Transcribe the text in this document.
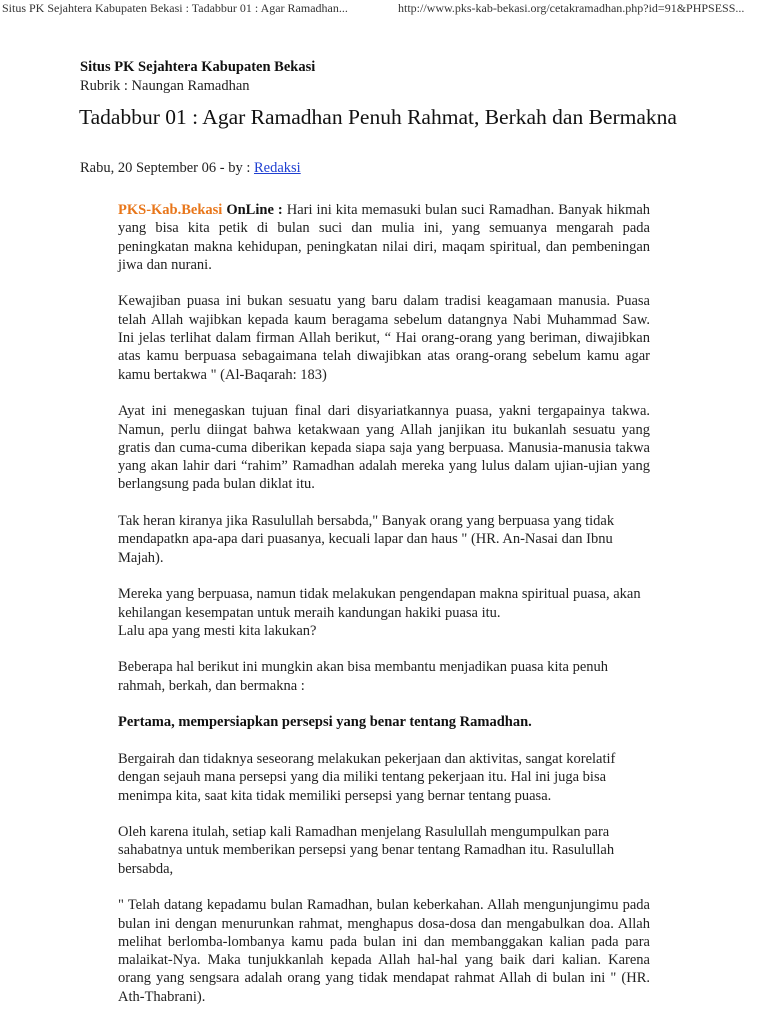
Situs PK Sejahtera Kabupaten Bekasi : Tadabbur 01 : Agar Ramadhan...	http://www.pks-kab-bekasi.org/cetakramadhan.php?id=91&PHPSESS...
Situs PK Sejahtera Kabupaten Bekasi
Rubrik : Naungan Ramadhan
Tadabbur 01 : Agar Ramadhan Penuh Rahmat, Berkah dan Bermakna
Rabu, 20 September 06 - by : Redaksi

PKS-Kab.Bekasi OnLine : Hari ini kita memasuki bulan suci Ramadhan. Banyak hikmah yang bisa kita petik di bulan suci dan mulia ini, yang semuanya mengarah pada peningkatan makna kehidupan, peningkatan nilai diri, maqam spiritual, dan pembeningan jiwa dan nurani.

Kewajiban puasa ini bukan sesuatu yang baru dalam tradisi keagamaan manusia. Puasa telah Allah wajibkan kepada kaum beragama sebelum datangnya Nabi Muhammad Saw. Ini jelas terlihat dalam firman Allah berikut, “ Hai orang-orang yang beriman, diwajibkan atas kamu berpuasa sebagaimana telah diwajibkan atas orang-orang sebelum kamu agar kamu bertakwa " (Al-Baqarah: 183)

Ayat ini menegaskan tujuan final dari disyariatkannya puasa, yakni tergapainya takwa. Namun, perlu diingat bahwa ketakwaan yang Allah janjikan itu bukanlah sesuatu yang gratis dan cuma-cuma diberikan kepada siapa saja yang berpuasa. Manusia-manusia takwa yang akan lahir dari “rahim” Ramadhan adalah mereka yang lulus dalam ujian-ujian yang berlangsung pada bulan diklat itu.

Tak heran kiranya jika Rasulullah bersabda," Banyak orang yang berpuasa yang tidak mendapatkn apa-apa dari puasanya, kecuali lapar dan haus " (HR. An-Nasai dan Ibnu Majah).

Mereka yang berpuasa, namun tidak melakukan pengendapan makna spiritual puasa, akan kehilangan kesempatan untuk meraih kandungan hakiki puasa itu.
Lalu apa yang mesti kita lakukan?

Beberapa hal berikut ini mungkin akan bisa membantu menjadikan puasa kita penuh rahmah, berkah, dan bermakna :

Pertama, mempersiapkan persepsi yang benar tentang Ramadhan.

Bergairah dan tidaknya seseorang melakukan pekerjaan dan aktivitas, sangat korelatif dengan sejauh mana persepsi yang dia miliki tentang pekerjaan itu. Hal ini juga bisa menimpa kita, saat kita tidak memiliki persepsi yang bernar tentang puasa.

Oleh karena itulah, setiap kali Ramadhan menjelang Rasulullah mengumpulkan para sahabatnya untuk memberikan persepsi yang benar tentang Ramadhan itu. Rasulullah bersabda,

" Telah datang kepadamu bulan Ramadhan, bulan keberkahan. Allah mengunjungimu pada bulan ini dengan menurunkan rahmat, menghapus dosa-dosa dan mengabulkan doa. Allah melihat berlomba-lombanya kamu pada bulan ini dan membanggakan kalian pada para malaikat-Nya. Maka tunjukkanlah kepada Allah hal-hal yang baik dari kalian. Karena orang yang sengsara adalah orang yang tidak mendapat rahmat Allah di bulan ini " (HR. Ath-Thabrani).
